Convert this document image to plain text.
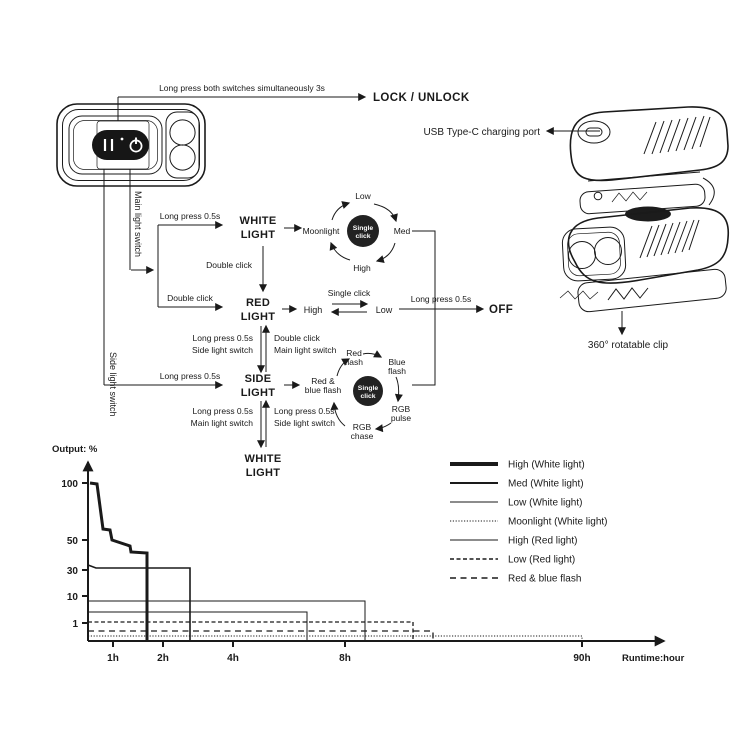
Long press both switches simultaneously 3s
LOCK / UNLOCK
Main light switch
Side light switch
Long press 0.5s WHITE
LIGHT
Low
Med
High
Moonlight Single
click
Double click
Double click	RED
LIGHT
High
Single click
Low
Long press 0.5s
OFF
Long press 0.5s
Side light switch
Double click
Main light switch
Long press 0.5s SIDE
LIGHT
Red &
blue flash
Red
flash	Blue
flash
RGB
pulse
RGB
chase
Single
click
Long press 0.5s
Main light switch
Long press 0.5s
Side light switch
WHITE
LIGHT
USB Type-C charging port
360° rotatable clip
Output: %
Runtime:hour
1h	2h	4h	8h	90h
100
50
30
10
1
High (White light)
Med (White light)
Low (White light)
Moonlight (White light)
High (Red light)
Low (Red light)
Red & blue flash
